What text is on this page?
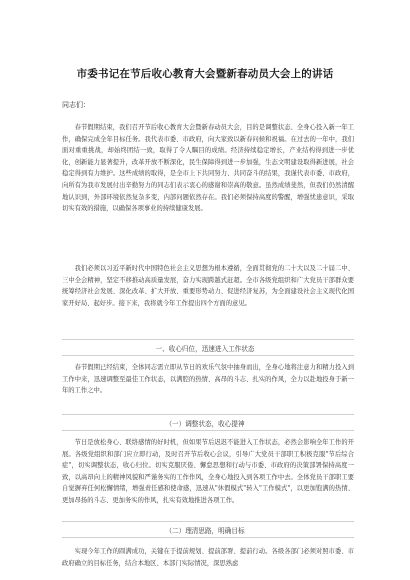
市委书记在节后收心教育大会暨新春动员大会上的讲话
同志们：

春节假期结束，我们召开节后收心教育大会暨新春动员大会，目的是调整状态、全身心投入新一年工作，确保完成全年目标任务。我代表市委、市政府，向大家致以新春问候和祝福。在过去的一年中，我们面对重重挑战，却始终团结一致，取得了令人瞩目的成绩。经济持续稳定增长，产业结构得到进一步优化，创新能力显著提升，改革开放不断深化，民生保障得到进一步加强，生态文明建设取得新进展，社会稳定得到有力维护。这些成绩的取得，是全市上下共同努力、共同奋斗的结果，我谨代表市委、市政府，向所有为我市发展付出辛勤努力的同志们表示衷心的感谢和崇高的敬意。虽然成绩斐然，但我们仍然清醒地认识到，外部环境依然复杂多变，内部问题依然存在。我们必须保持高度的警醒，增强忧患意识，采取切实有效的措施，以确保各项事业的持续健康发展。

我们必须以习近平新时代中国特色社会主义思想为根本遵循，全面贯彻党的二十大以及二十届二中、三中全会精神，坚定不移推动高质量发展，奋力实现跨越式赶超。全市各级党组织和广大党员干部群众要统筹经济社会发展、深化改革、扩大开放、重要形势动力、促进经济复苏，为全面建设社会主义现代化国家开好局、起好步。接下来，我将就今年工作提出四个方面的意见。

一、收心归位，迅速进入工作状态

春节假期已经结束，全体同志需立即从节日的欢乐气氛中抽身而出，全身心地将注意力和精力投入到工作中来，迅速调整至最佳工作状态，以满腔的热情、高昂的斗志、扎实的作风，全力以赴地投身于新一年的工作之中。

（一）调整状态，收心提神

节日是放松身心、联络感情的好时机，但如果节后迟迟不能进入工作状态，必然会影响全年工作的开展。各级党组织和部门应立即行动，及时召开节后收心会议，引导广大党员干部职工积极克服"节后综合症"，切实调整状态，收心归位。切实克服厌倦、懈怠思想和行动与市委、市政府的决策部署保持高度一致，以高昂向上的精神风貌和严谨务实的工作作风，全身心地投入到各项工作中去。全体党员干部职工要自觉摒弃任何松懈情绪，增强责任感和使命感，迅速从"休假模式"转入"工作模式"，以更加饱满的热情、更加昂扬的斗志、更加务实的作风，扎实有效地推进各项工作。

（二）理清思路，明确目标

实现今年工作的圆满成功，关键在于提前规划、提前部署、提前行动。各级各部门必须对照市委、市政府确立的目标任务，结合本地区、本部门实际情况，深思熟虑
